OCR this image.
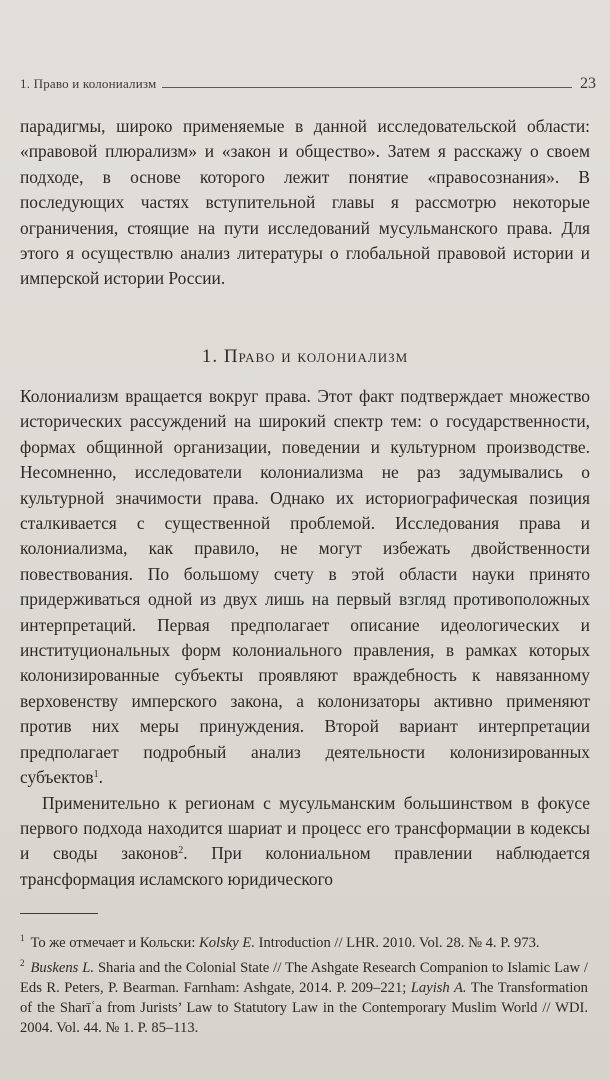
1. Право и колониализм	23

парадигмы, широко применяемые в данной исследовательской области: «правовой плюрализм» и «закон и общество». Затем я расскажу о своем подходе, в основе которого лежит понятие «правосознания». В последующих частях вступительной главы я рассмотрю некоторые ограничения, стоящие на пути исследований мусульманского права. Для этого я осуществлю анализ литературы о глобальной правовой истории и имперской истории России.

1. Право и колониализм

Колониализм вращается вокруг права. Этот факт подтверждает множество исторических рассуждений на широкий спектр тем: о государственности, формах общинной организации, поведении и культурном производстве. Несомненно, исследователи колониализма не раз задумывались о культурной значимости права. Однако их историографическая позиция сталкивается с существенной проблемой. Исследования права и колониализма, как правило, не могут избежать двойственности повествования. По большому счету в этой области науки принято придерживаться одной из двух лишь на первый взгляд противоположных интерпретаций. Первая предполагает описание идеологических и институциональных форм колониального правления, в рамках которых колонизированные субъекты проявляют враждебность к навязанному верховенству имперского закона, а колонизаторы активно применяют против них меры принуждения. Второй вариант интерпретации предполагает подробный анализ деятельности колонизированных субъектов$^1$.

Применительно к регионам с мусульманским большинством в фокусе первого подхода находится шариат и процесс его трансформации в кодексы и своды законов$^2$. При колониальном правлении наблюдается трансформация исламского юридического

$^1$ То же отмечает и Кольски: Kolsky E. Introduction // LHR. 2010. Vol. 28. № 4. P. 973.

$^2$ Buskens L. Sharia and the Colonial State // The Ashgate Research Companion to Islamic Law / Eds R. Peters, P. Bearman. Farnham: Ashgate, 2014. P. 209–221; Layish A. The Transformation of the Sharīʿa from Jurists’ Law to Statutory Law in the Contemporary Muslim World // WDI. 2004. Vol. 44. № 1. P. 85–113.
